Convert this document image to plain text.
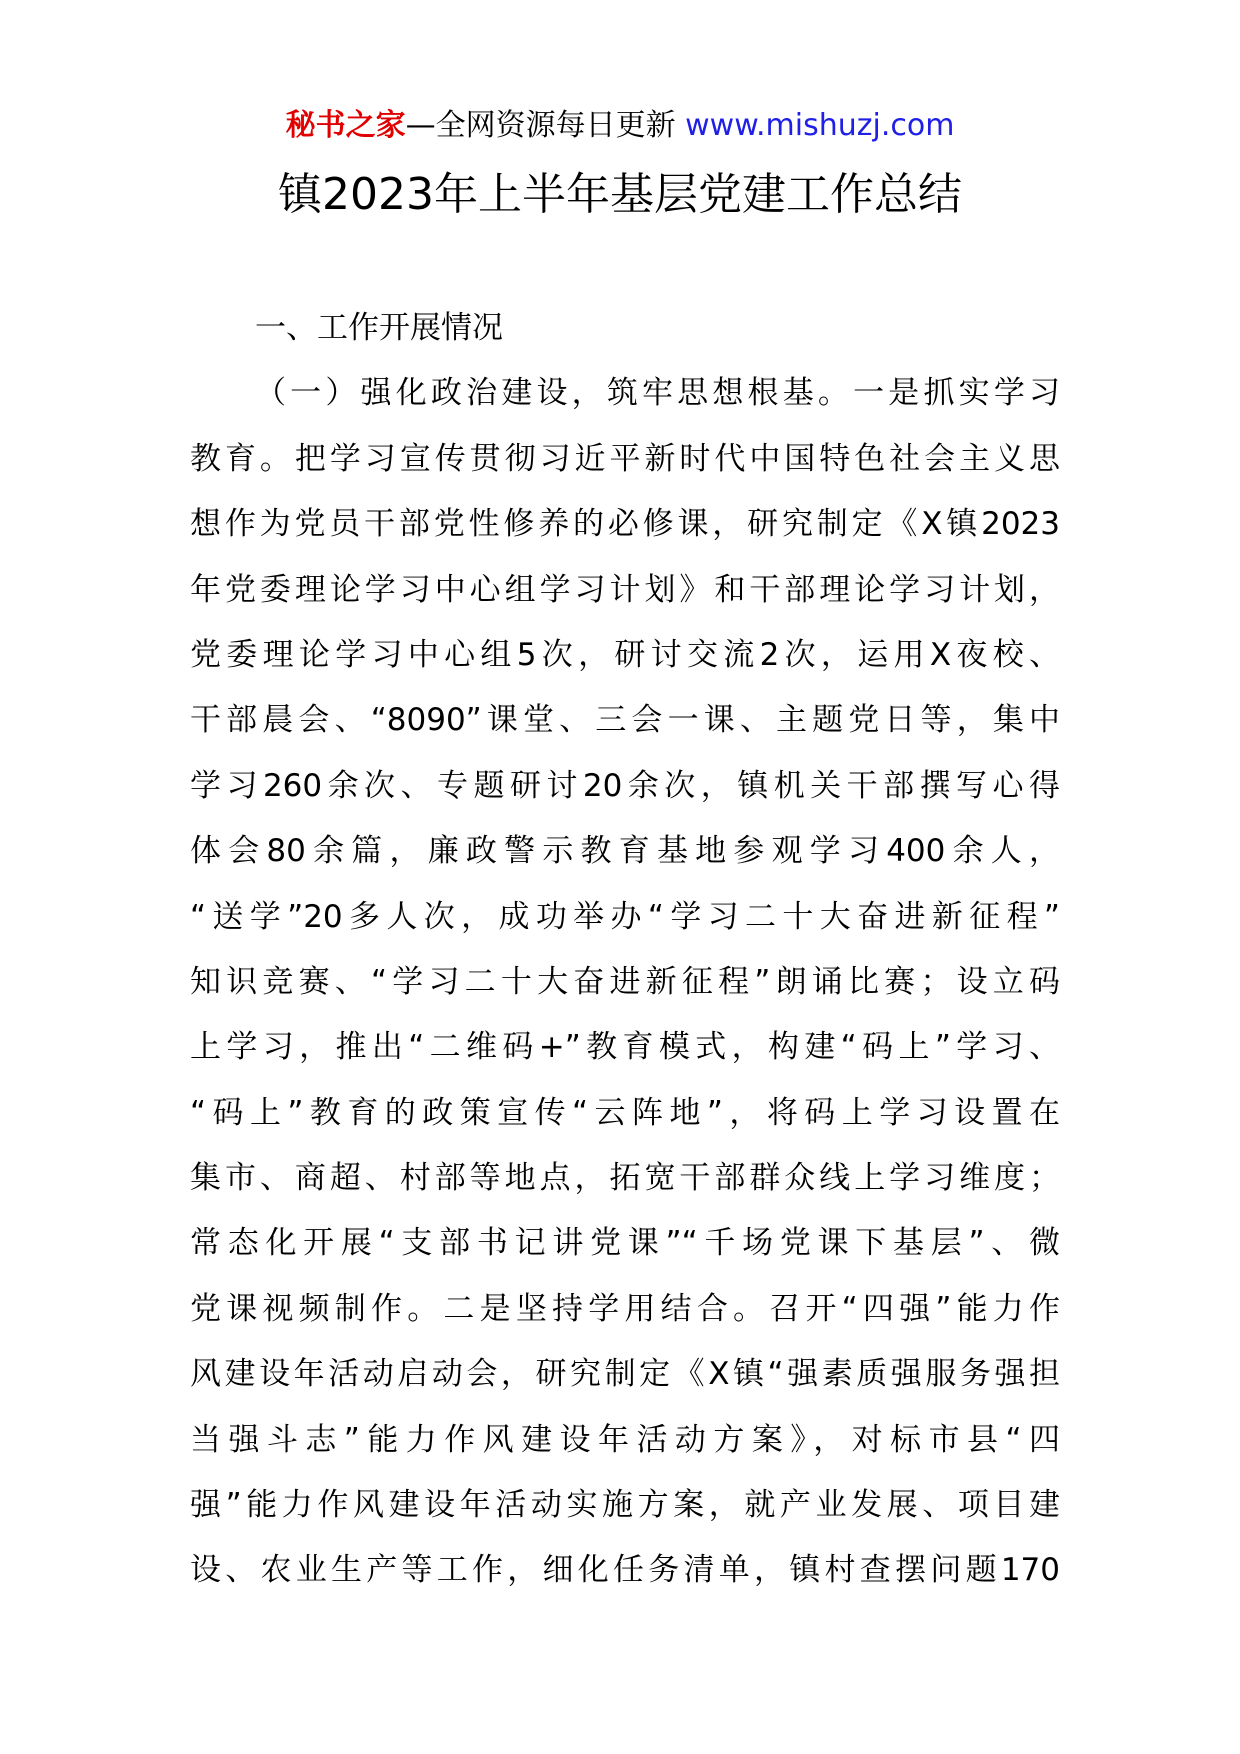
秘书之家—全网资源每日更新 www.mishuzj.com
镇2023年上半年基层党建工作总结
一、工作开展情况
（一）强化政治建设，筑牢思想根基。一是抓实学习
教育。把学习宣传贯彻习近平新时代中国特色社会主义思
想作为党员干部党性修养的必修课，研究制定《X镇2023
年党委理论学习中心组学习计划》和干部理论学习计划，
党委理论学习中心组5次，研讨交流2次，运用X夜校、
干部晨会、“8090”课堂、三会一课、主题党日等，集中
学习260余次、专题研讨20余次，镇机关干部撰写心得
体会80余篇，廉政警示教育基地参观学习400余人，
“送学”20多人次，成功举办“学习二十大奋进新征程”
知识竞赛、“学习二十大奋进新征程”朗诵比赛；设立码
上学习，推出“二维码+”教育模式，构建“码上”学习、
“码上”教育的政策宣传“云阵地”，将码上学习设置在
集市、商超、村部等地点，拓宽干部群众线上学习维度；
常态化开展“支部书记讲党课”“千场党课下基层”、微
党课视频制作。二是坚持学用结合。召开“四强”能力作
风建设年活动启动会，研究制定《X镇“强素质强服务强担
当强斗志”能力作风建设年活动方案》，对标市县“四
强”能力作风建设年活动实施方案，就产业发展、项目建
设、农业生产等工作，细化任务清单，镇村查摆问题170
